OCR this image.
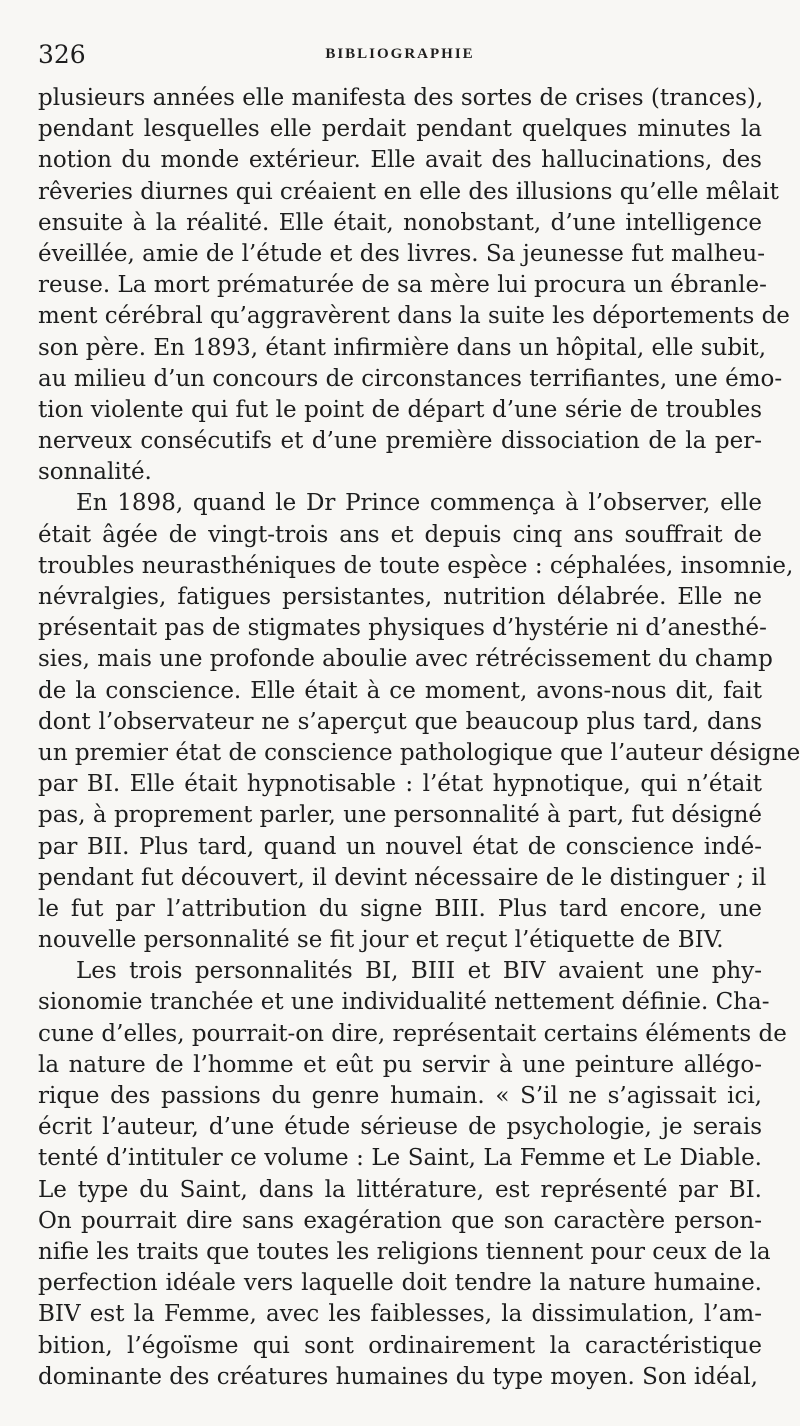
326	BIBLIOGRAPHIE
plusieurs années elle manifesta des sortes de crises (trances),
pendant lesquelles elle perdait pendant quelques minutes la
notion du monde extérieur. Elle avait des hallucinations, des
rêveries diurnes qui créaient en elle des illusions qu’elle mêlait
ensuite à la réalité. Elle était, nonobstant, d’une intelligence
éveillée, amie de l’étude et des livres. Sa jeunesse fut malheu-
reuse. La mort prématurée de sa mère lui procura un ébranle-
ment cérébral qu’aggravèrent dans la suite les déportements de
son père. En 1893, étant infirmière dans un hôpital, elle subit,
au milieu d’un concours de circonstances terrifiantes, une émo-
tion violente qui fut le point de départ d’une série de troubles
nerveux consécutifs et d’une première dissociation de la per-
sonnalité.
En 1898, quand le Dr Prince commença à l’observer, elle
était âgée de vingt-trois ans et depuis cinq ans souffrait de
troubles neurasthéniques de toute espèce : céphalées, insomnie,
névralgies, fatigues persistantes, nutrition délabrée. Elle ne
présentait pas de stigmates physiques d’hystérie ni d’anesthé-
sies, mais une profonde aboulie avec rétrécissement du champ
de la conscience. Elle était à ce moment, avons-nous dit, fait
dont l’observateur ne s’aperçut que beaucoup plus tard, dans
un premier état de conscience pathologique que l’auteur désigne
par BI. Elle était hypnotisable : l’état hypnotique, qui n’était
pas, à proprement parler, une personnalité à part, fut désigné
par BII. Plus tard, quand un nouvel état de conscience indé-
pendant fut découvert, il devint nécessaire de le distinguer ; il
le fut par l’attribution du signe BIII. Plus tard encore, une
nouvelle personnalité se fit jour et reçut l’étiquette de BIV.
Les trois personnalités BI, BIII et BIV avaient une phy-
sionomie tranchée et une individualité nettement définie. Cha-
cune d’elles, pourrait-on dire, représentait certains éléments de
la nature de l’homme et eût pu servir à une peinture allégo-
rique des passions du genre humain. « S’il ne s’agissait ici,
écrit l’auteur, d’une étude sérieuse de psychologie, je serais
tenté d’intituler ce volume : Le Saint, La Femme et Le Diable.
Le type du Saint, dans la littérature, est représenté par BI.
On pourrait dire sans exagération que son caractère person-
nifie les traits que toutes les religions tiennent pour ceux de la
perfection idéale vers laquelle doit tendre la nature humaine.
BIV est la Femme, avec les faiblesses, la dissimulation, l’am-
bition, l’égoïsme qui sont ordinairement la caractéristique
dominante des créatures humaines du type moyen. Son idéal,
